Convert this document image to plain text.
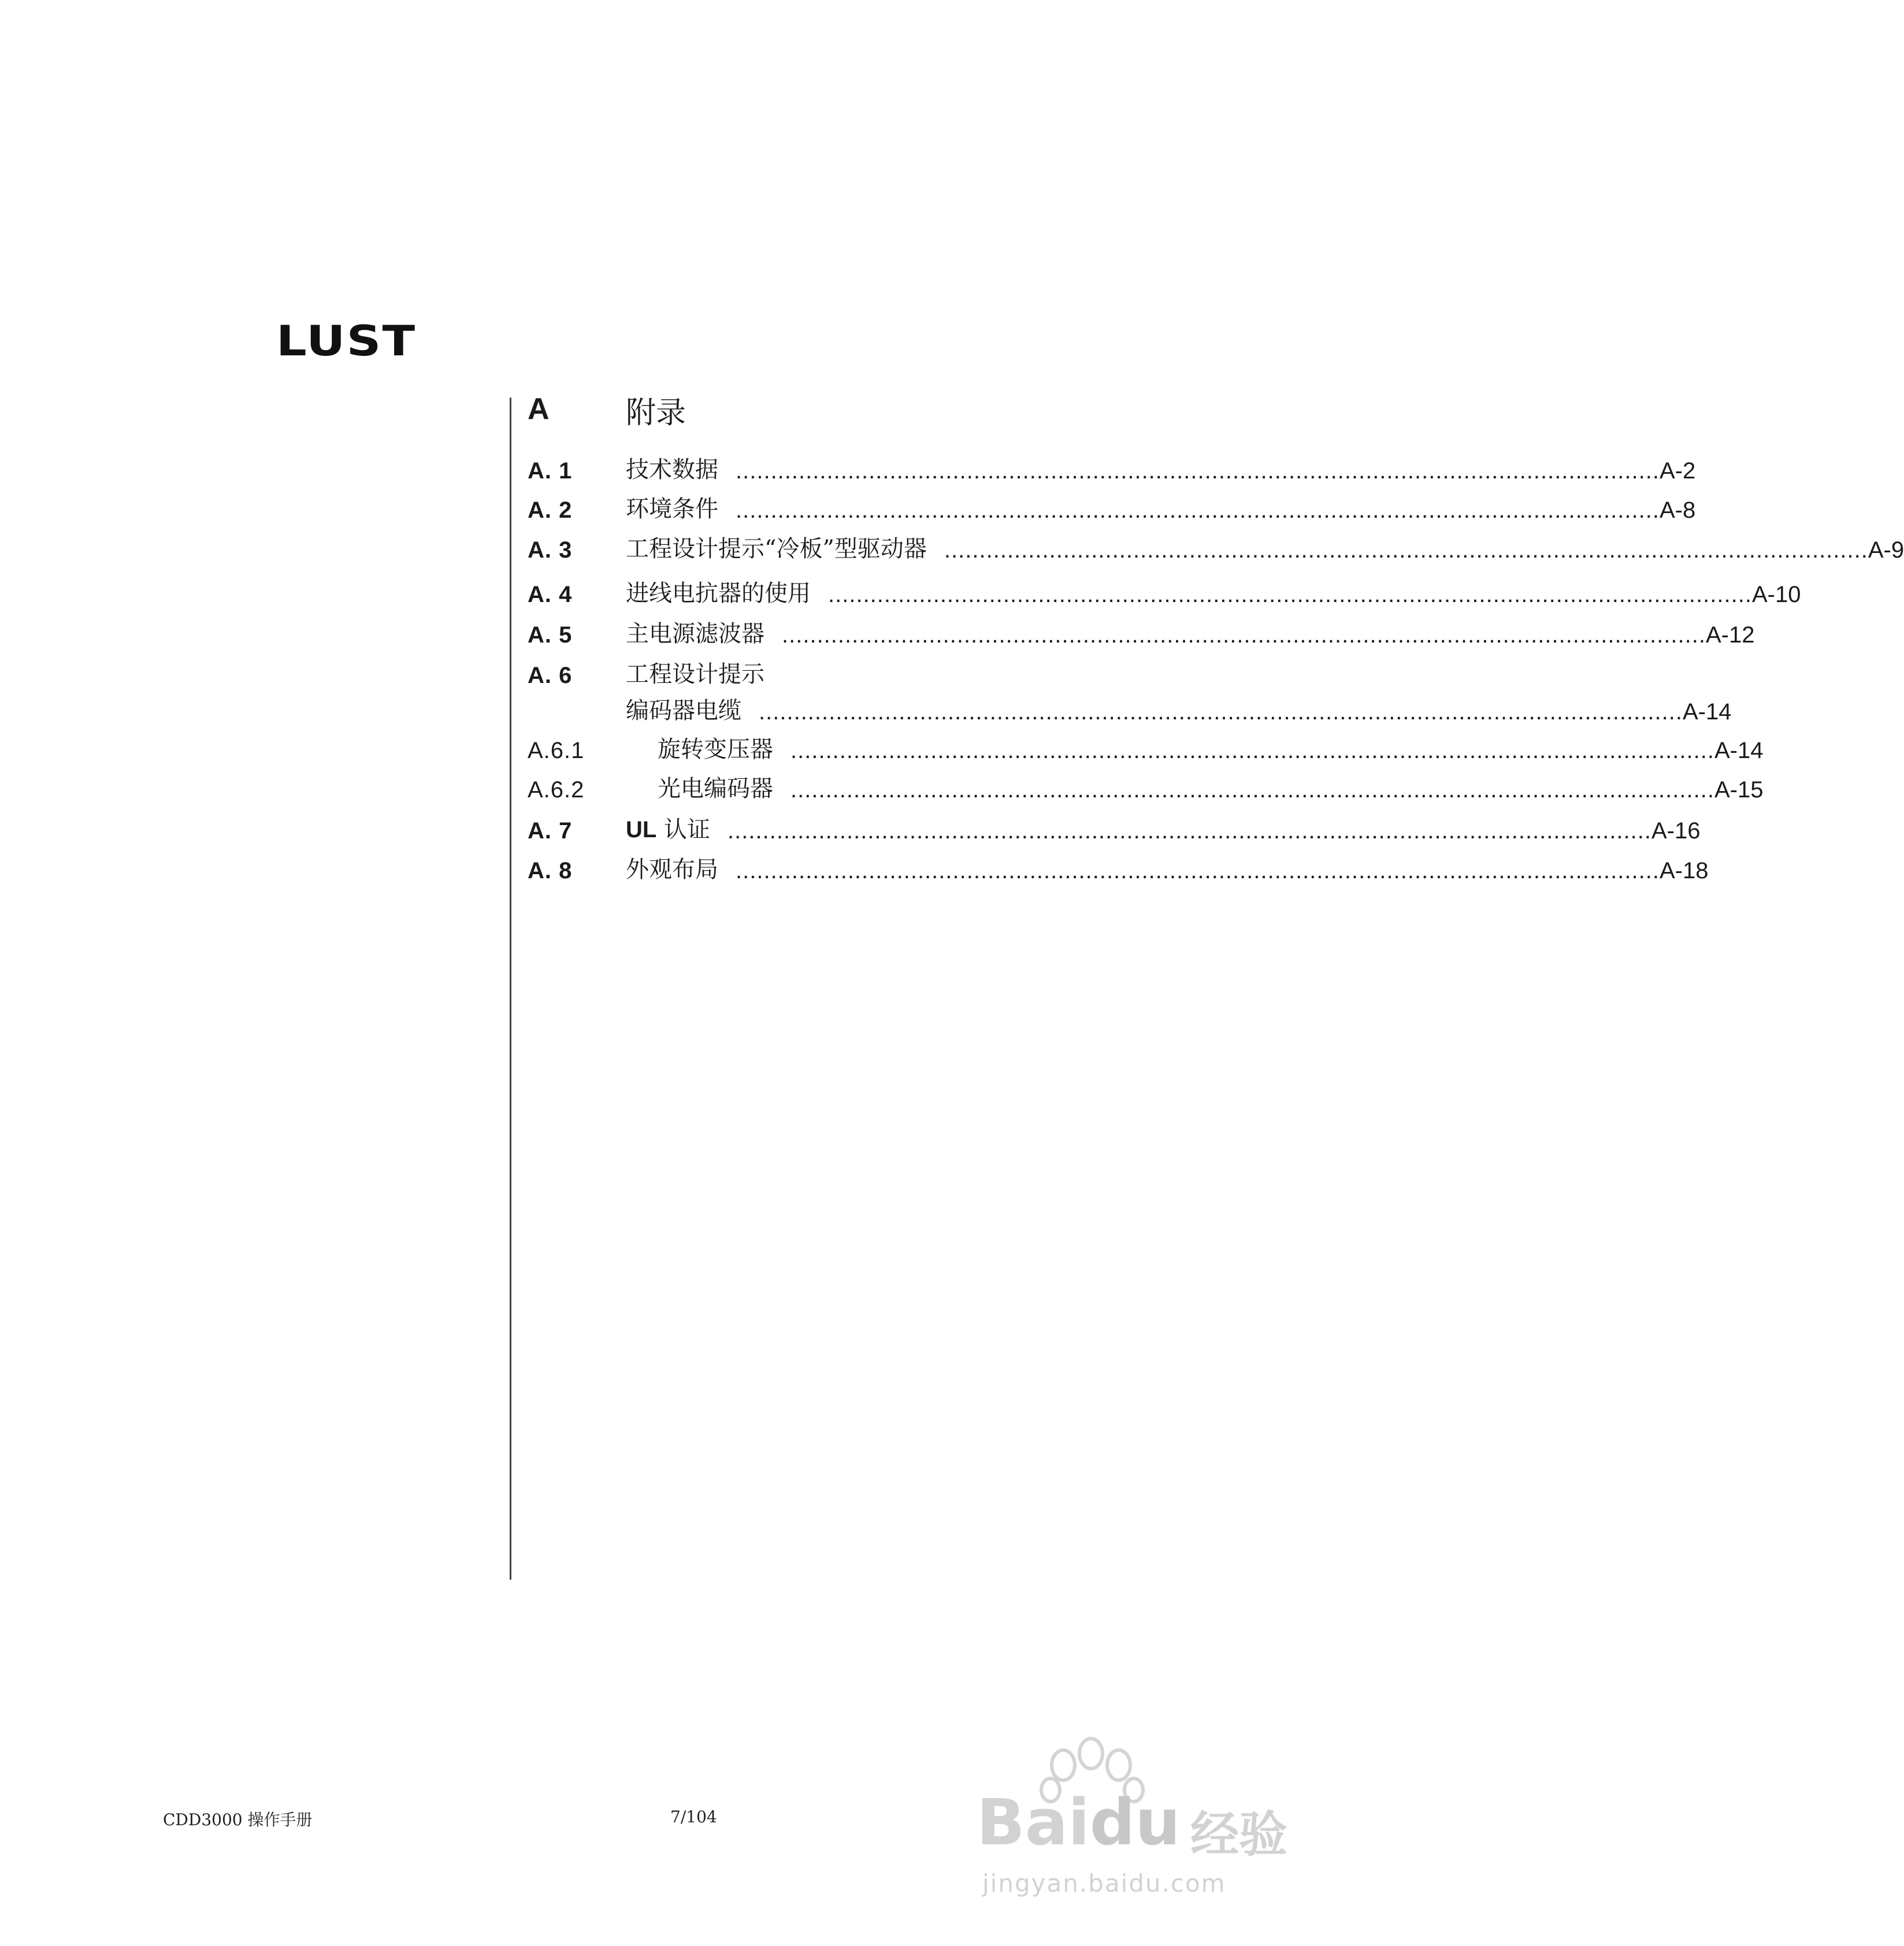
LUST
A	附录
A. 1	技术数据 .................................................................................................................................... A-2
A. 2	环境条件 .................................................................................................................................... A-8
A. 3	工程设计提示“冷板”型驱动器 .................................................................................................................................... A-9
A. 4	进线电抗器的使用 .................................................................................................................................... A-10
A. 5	主电源滤波器 .................................................................................................................................... A-12
A. 6	工程设计提示
编码器电缆 .................................................................................................................................... A-14
A.6.1	旋转变压器 .................................................................................................................................... A-14
A.6.2	光电编码器 .................................................................................................................................... A-15
A. 7	UL 认证 .................................................................................................................................... A-16
A. 8	外观布局 .................................................................................................................................... A-18
CDD3000 操作手册	7/104	Baidu 经验
jingyan.baidu.com
